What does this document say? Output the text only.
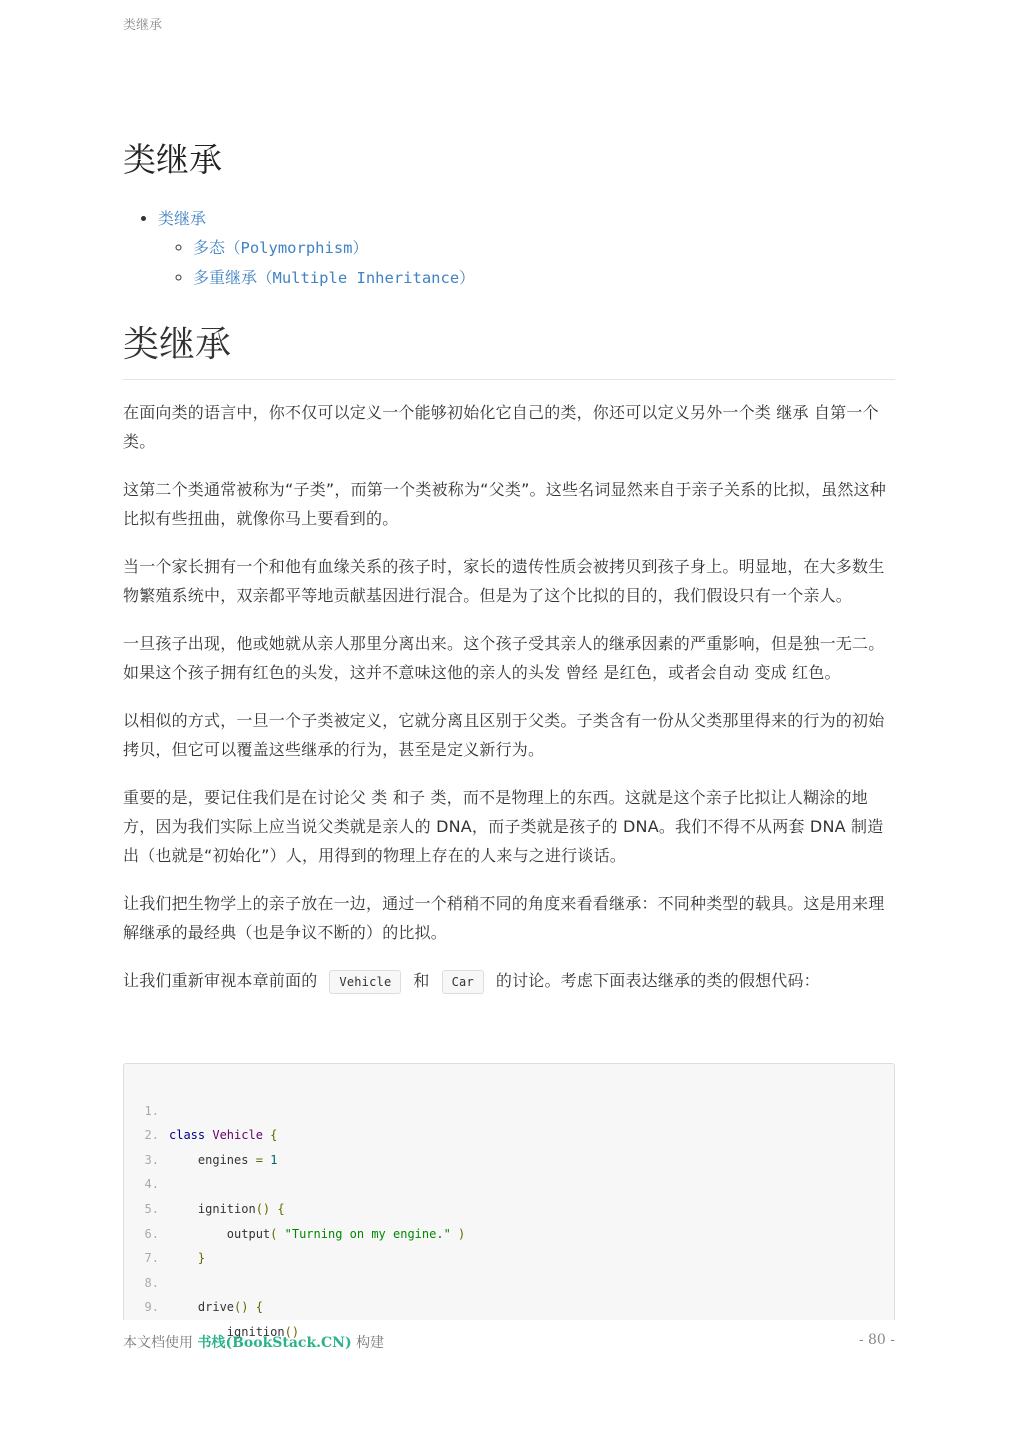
类继承
类继承
• 类继承
◦ 多态（Polymorphism）
◦ 多重继承（Multiple Inheritance）
类继承

在面向类的语言中，你不仅可以定义一个能够初始化它自己的类，你还可以定义另外一个类 继承 自第一个类。

这第二个类通常被称为“子类”，而第一个类被称为“父类”。这些名词显然来自于亲子关系的比拟，虽然这种比拟有些扭曲，就像你马上要看到的。

当一个家长拥有一个和他有血缘关系的孩子时，家长的遗传性质会被拷贝到孩子身上。明显地，在大多数生物繁殖系统中，双亲都平等地贡献基因进行混合。但是为了这个比拟的目的，我们假设只有一个亲人。

一旦孩子出现，他或她就从亲人那里分离出来。这个孩子受其亲人的继承因素的严重影响，但是独一无二。如果这个孩子拥有红色的头发，这并不意味这他的亲人的头发 曾经 是红色，或者会自动 变成 红色。

以相似的方式，一旦一个子类被定义，它就分离且区别于父类。子类含有一份从父类那里得来的行为的初始拷贝，但它可以覆盖这些继承的行为，甚至是定义新行为。

重要的是，要记住我们是在讨论父 类 和子 类，而不是物理上的东西。这就是这个亲子比拟让人糊涂的地方，因为我们实际上应当说父类就是亲人的 DNA，而子类就是孩子的 DNA。我们不得不从两套 DNA 制造出（也就是“初始化”）人，用得到的物理上存在的人来与之进行谈话。

让我们把生物学上的亲子放在一边，通过一个稍稍不同的角度来看看继承：不同种类型的载具。这是用来理解继承的最经典（也是争议不断的）的比拟。

让我们重新审视本章前面的 Vehicle 和 Car 的讨论。考虑下面表达继承的类的假想代码：

1.

class Vehicle {

2.

engines = 1

3.

4.

ignition() {

5.

output( "Turning on my engine." )

6.

}

7.

8.

drive() {

9.

ignition()

本文档使用 书栈(BookStack.CN) 构建	- 80 -
